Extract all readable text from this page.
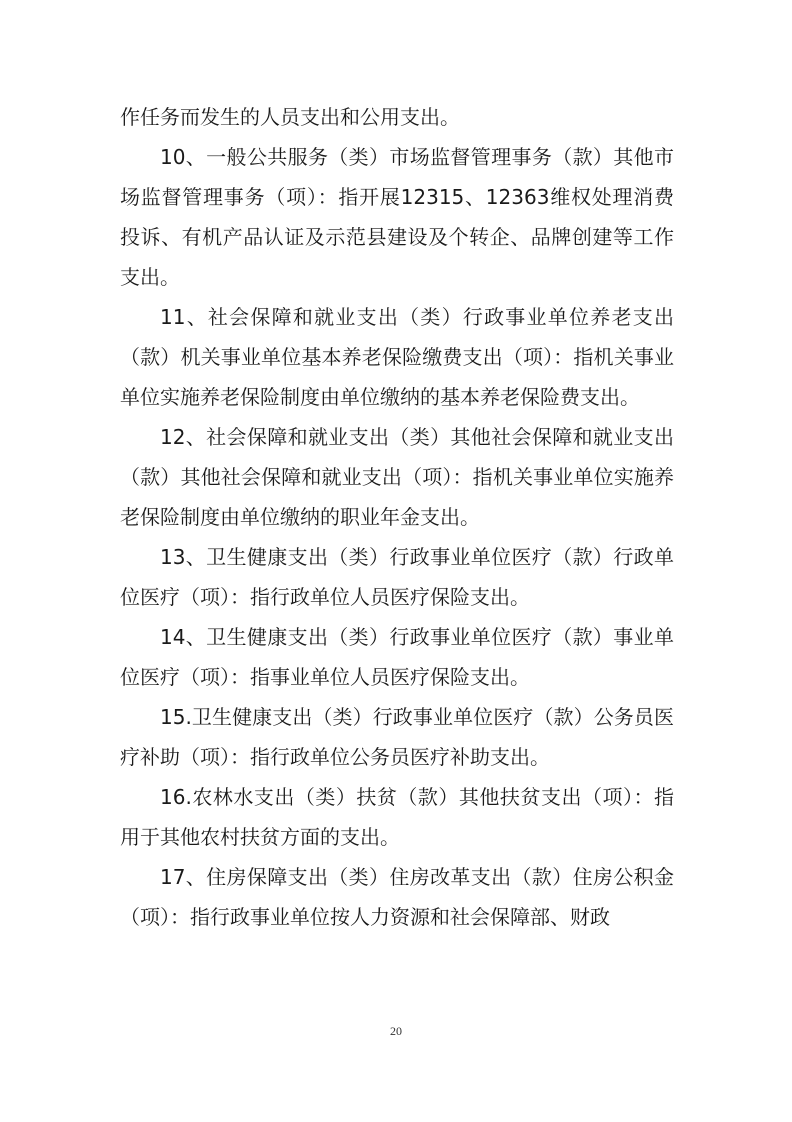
作任务而发生的人员支出和公用支出。

10、一般公共服务（类）市场监督管理事务（款）其他市场监督管理事务（项）：指开展12315、12363维权处理消费投诉、有机产品认证及示范县建设及个转企、品牌创建等工作支出。

11、社会保障和就业支出（类）行政事业单位养老支出（款）机关事业单位基本养老保险缴费支出（项）：指机关事业单位实施养老保险制度由单位缴纳的基本养老保险费支出。

12、社会保障和就业支出（类）其他社会保障和就业支出（款）其他社会保障和就业支出（项）：指机关事业单位实施养老保险制度由单位缴纳的职业年金支出。

13、卫生健康支出（类）行政事业单位医疗（款）行政单位医疗（项）：指行政单位人员医疗保险支出。

14、卫生健康支出（类）行政事业单位医疗（款）事业单位医疗（项）：指事业单位人员医疗保险支出。

15.卫生健康支出（类）行政事业单位医疗（款）公务员医疗补助（项）：指行政单位公务员医疗补助支出。

16.农林水支出（类）扶贫（款）其他扶贫支出（项）：指用于其他农村扶贫方面的支出。

17、住房保障支出（类）住房改革支出（款）住房公积金（项）：指行政事业单位按人力资源和社会保障部、财政

20
